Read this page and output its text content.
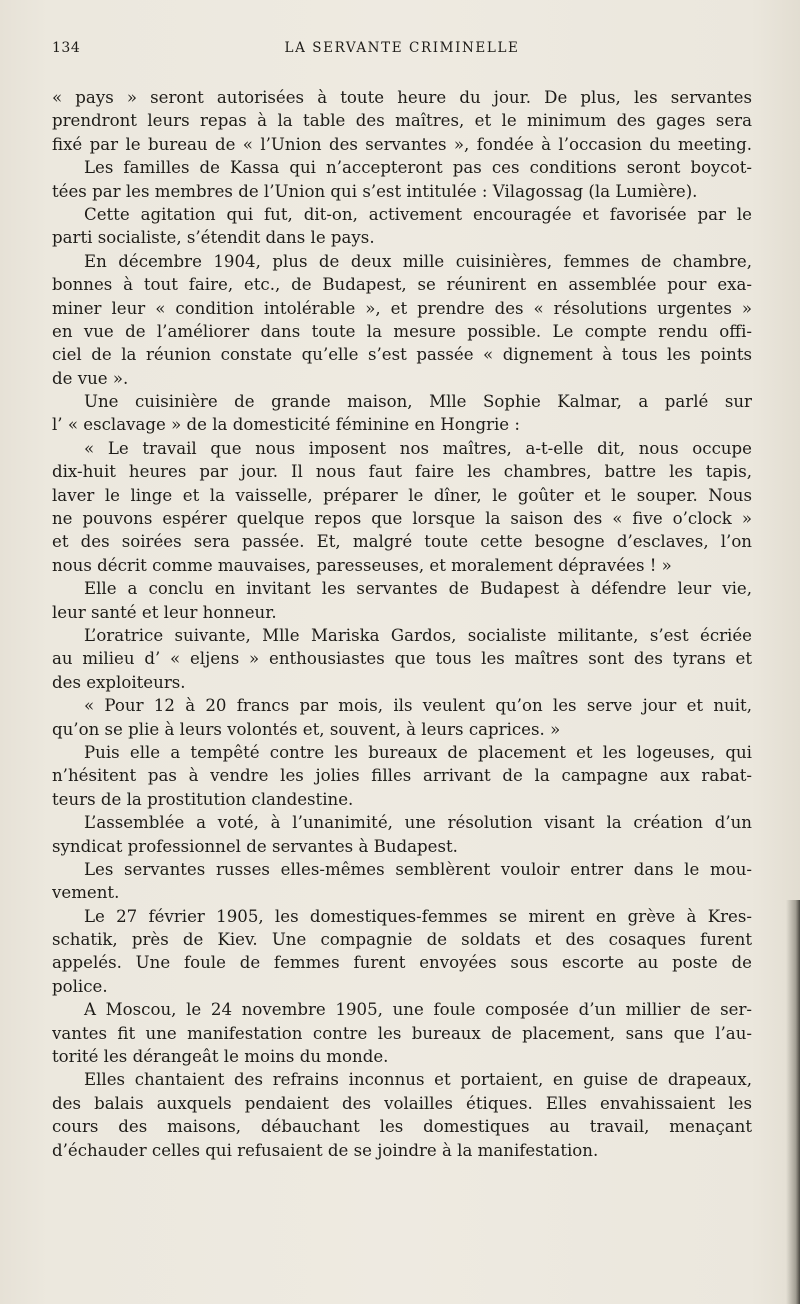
134	LA SERVANTE CRIMINELLE
« pays » seront autorisées à toute heure du jour. De plus, les servantes
prendront leurs repas à la table des maîtres, et le minimum des gages sera
fixé par le bureau de « l’Union des servantes », fondée à l’occasion du meeting.
Les familles de Kassa qui n’accepteront pas ces conditions seront boycot-
tées par les membres de l’Union qui s’est intitulée : Vilagossag (la Lumière).
Cette agitation qui fut, dit-on, activement encouragée et favorisée par le
parti socialiste, s’étendit dans le pays.
En décembre 1904, plus de deux mille cuisinières, femmes de chambre,
bonnes à tout faire, etc., de Budapest, se réunirent en assemblée pour exa-
miner leur « condition intolérable », et prendre des « résolutions urgentes »
en vue de l’améliorer dans toute la mesure possible. Le compte rendu offi-
ciel de la réunion constate qu’elle s’est passée « dignement à tous les points
de vue ».
Une cuisinière de grande maison, Mlle Sophie Kalmar, a parlé sur
l’ « esclavage » de la domesticité féminine en Hongrie :
« Le travail que nous imposent nos maîtres, a-t-elle dit, nous occupe
dix-huit heures par jour. Il nous faut faire les chambres, battre les tapis,
laver le linge et la vaisselle, préparer le dîner, le goûter et le souper. Nous
ne pouvons espérer quelque repos que lorsque la saison des « five o’clock »
et des soirées sera passée. Et, malgré toute cette besogne d’esclaves, l’on
nous décrit comme mauvaises, paresseuses, et moralement dépravées ! »
Elle a conclu en invitant les servantes de Budapest à défendre leur vie,
leur santé et leur honneur.
L’oratrice suivante, Mlle Mariska Gardos, socialiste militante, s’est écriée
au milieu d’ « eljens » enthousiastes que tous les maîtres sont des tyrans et
des exploiteurs.
« Pour 12 à 20 francs par mois, ils veulent qu’on les serve jour et nuit,
qu’on se plie à leurs volontés et, souvent, à leurs caprices. »
Puis elle a tempêté contre les bureaux de placement et les logeuses, qui
n’hésitent pas à vendre les jolies filles arrivant de la campagne aux rabat-
teurs de la prostitution clandestine.
L’assemblée a voté, à l’unanimité, une résolution visant la création d’un
syndicat professionnel de servantes à Budapest.
Les servantes russes elles-mêmes semblèrent vouloir entrer dans le mou-
vement.
Le 27 février 1905, les domestiques-femmes se mirent en grève à Kres-
schatik, près de Kiev. Une compagnie de soldats et des cosaques furent
appelés. Une foule de femmes furent envoyées sous escorte au poste de
police.
A Moscou, le 24 novembre 1905, une foule composée d’un millier de ser-
vantes fit une manifestation contre les bureaux de placement, sans que l’au-
torité les dérangeât le moins du monde.
Elles chantaient des refrains inconnus et portaient, en guise de drapeaux,
des balais auxquels pendaient des volailles étiques. Elles envahissaient les
cours des maisons, débauchant les domestiques au travail, menaçant
d’échauder celles qui refusaient de se joindre à la manifestation.
